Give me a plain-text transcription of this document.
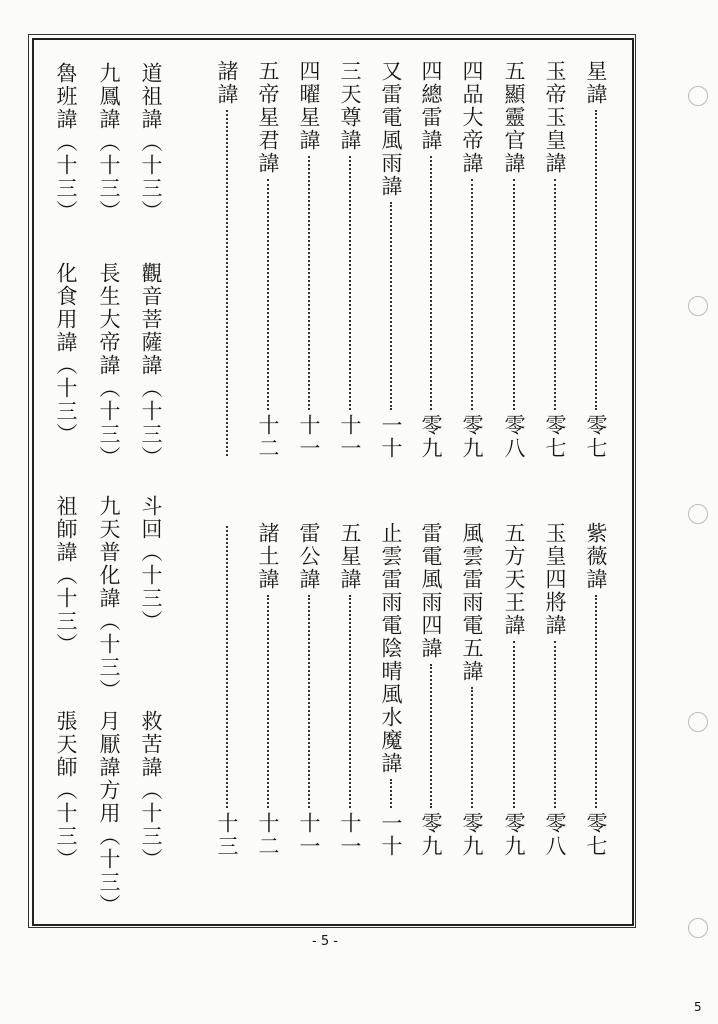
星諱
零七
玉帝玉皇諱
零七
五顯靈官諱
零八
四品大帝諱
零九
四總雷諱
零九
又雷電風雨諱
一十
三天尊諱
十一
四曜星諱
十一
五帝星君諱
十二
諸諱
紫薇諱
零七
玉皇四將諱
零八
五方天王諱
零九
風雲雷雨電五諱
零九
雷電風雨四諱
零九
止雲雷雨電陰晴風水魔諱
一十
五星諱
十一
雷公諱
十一
諸土諱
十二
十三
道祖諱（十三）
觀音菩薩諱（十三）
斗回（十三）
救苦諱（十三）
九鳳諱（十三）
長生大帝諱（十三）
九天普化諱（十三）
月厭諱方用（十三）
魯班諱（十三）
化食用諱（十三）
祖師諱（十三）
張天師（十三）
- 5 -
5
